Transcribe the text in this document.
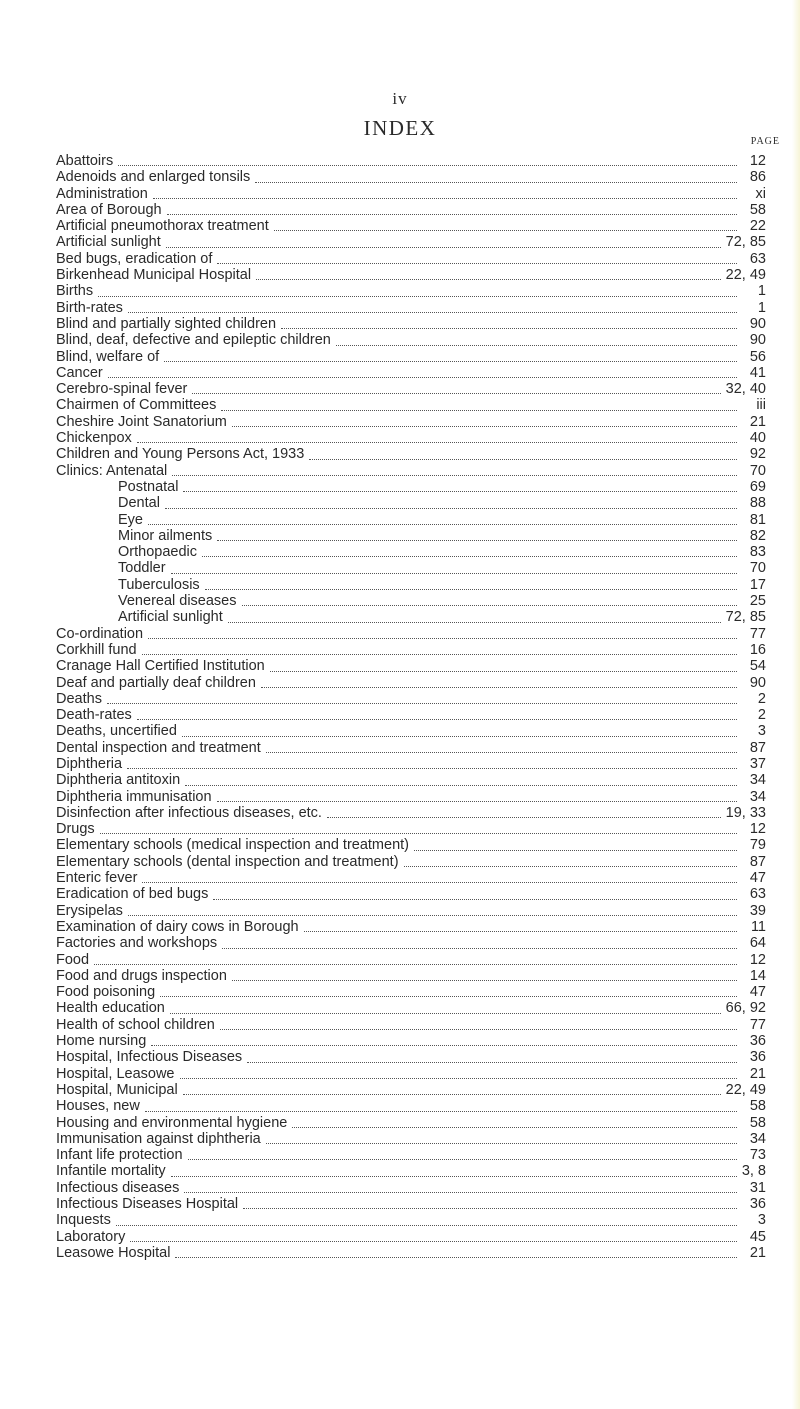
iv
INDEX
PAGE
Abattoirs	12
Adenoids and enlarged tonsils	86
Administration	xi
Area of Borough	58
Artificial pneumothorax treatment	22
Artificial sunlight	72, 85
Bed bugs, eradication of	63
Birkenhead Municipal Hospital	22, 49
Births	1
Birth-rates	1
Blind and partially sighted children	90
Blind, deaf, defective and epileptic children	90
Blind, welfare of	56
Cancer	41
Cerebro-spinal fever	32, 40
Chairmen of Committees	iii
Cheshire Joint Sanatorium	21
Chickenpox	40
Children and Young Persons Act, 1933	92
Clinics: Antenatal	70
Postnatal	69
Dental	88
Eye	81
Minor ailments	82
Orthopaedic	83
Toddler	70
Tuberculosis	17
Venereal diseases	25
Artificial sunlight	72, 85
Co-ordination	77
Corkhill fund	16
Cranage Hall Certified Institution	54
Deaf and partially deaf children	90
Deaths	2
Death-rates	2
Deaths, uncertified	3
Dental inspection and treatment	87
Diphtheria	37
Diphtheria antitoxin	34
Diphtheria immunisation	34
Disinfection after infectious diseases, etc.	19, 33
Drugs	12
Elementary schools (medical inspection and treatment)	79
Elementary schools (dental inspection and treatment)	87
Enteric fever	47
Eradication of bed bugs	63
Erysipelas	39
Examination of dairy cows in Borough	11
Factories and workshops	64
Food	12
Food and drugs inspection	14
Food poisoning	47
Health education	66, 92
Health of school children	77
Home nursing	36
Hospital, Infectious Diseases	36
Hospital, Leasowe	21
Hospital, Municipal	22, 49
Houses, new	58
Housing and environmental hygiene	58
Immunisation against diphtheria	34
Infant life protection	73
Infantile mortality	3, 8
Infectious diseases	31
Infectious Diseases Hospital	36
Inquests	3
Laboratory	45
Leasowe Hospital	21
